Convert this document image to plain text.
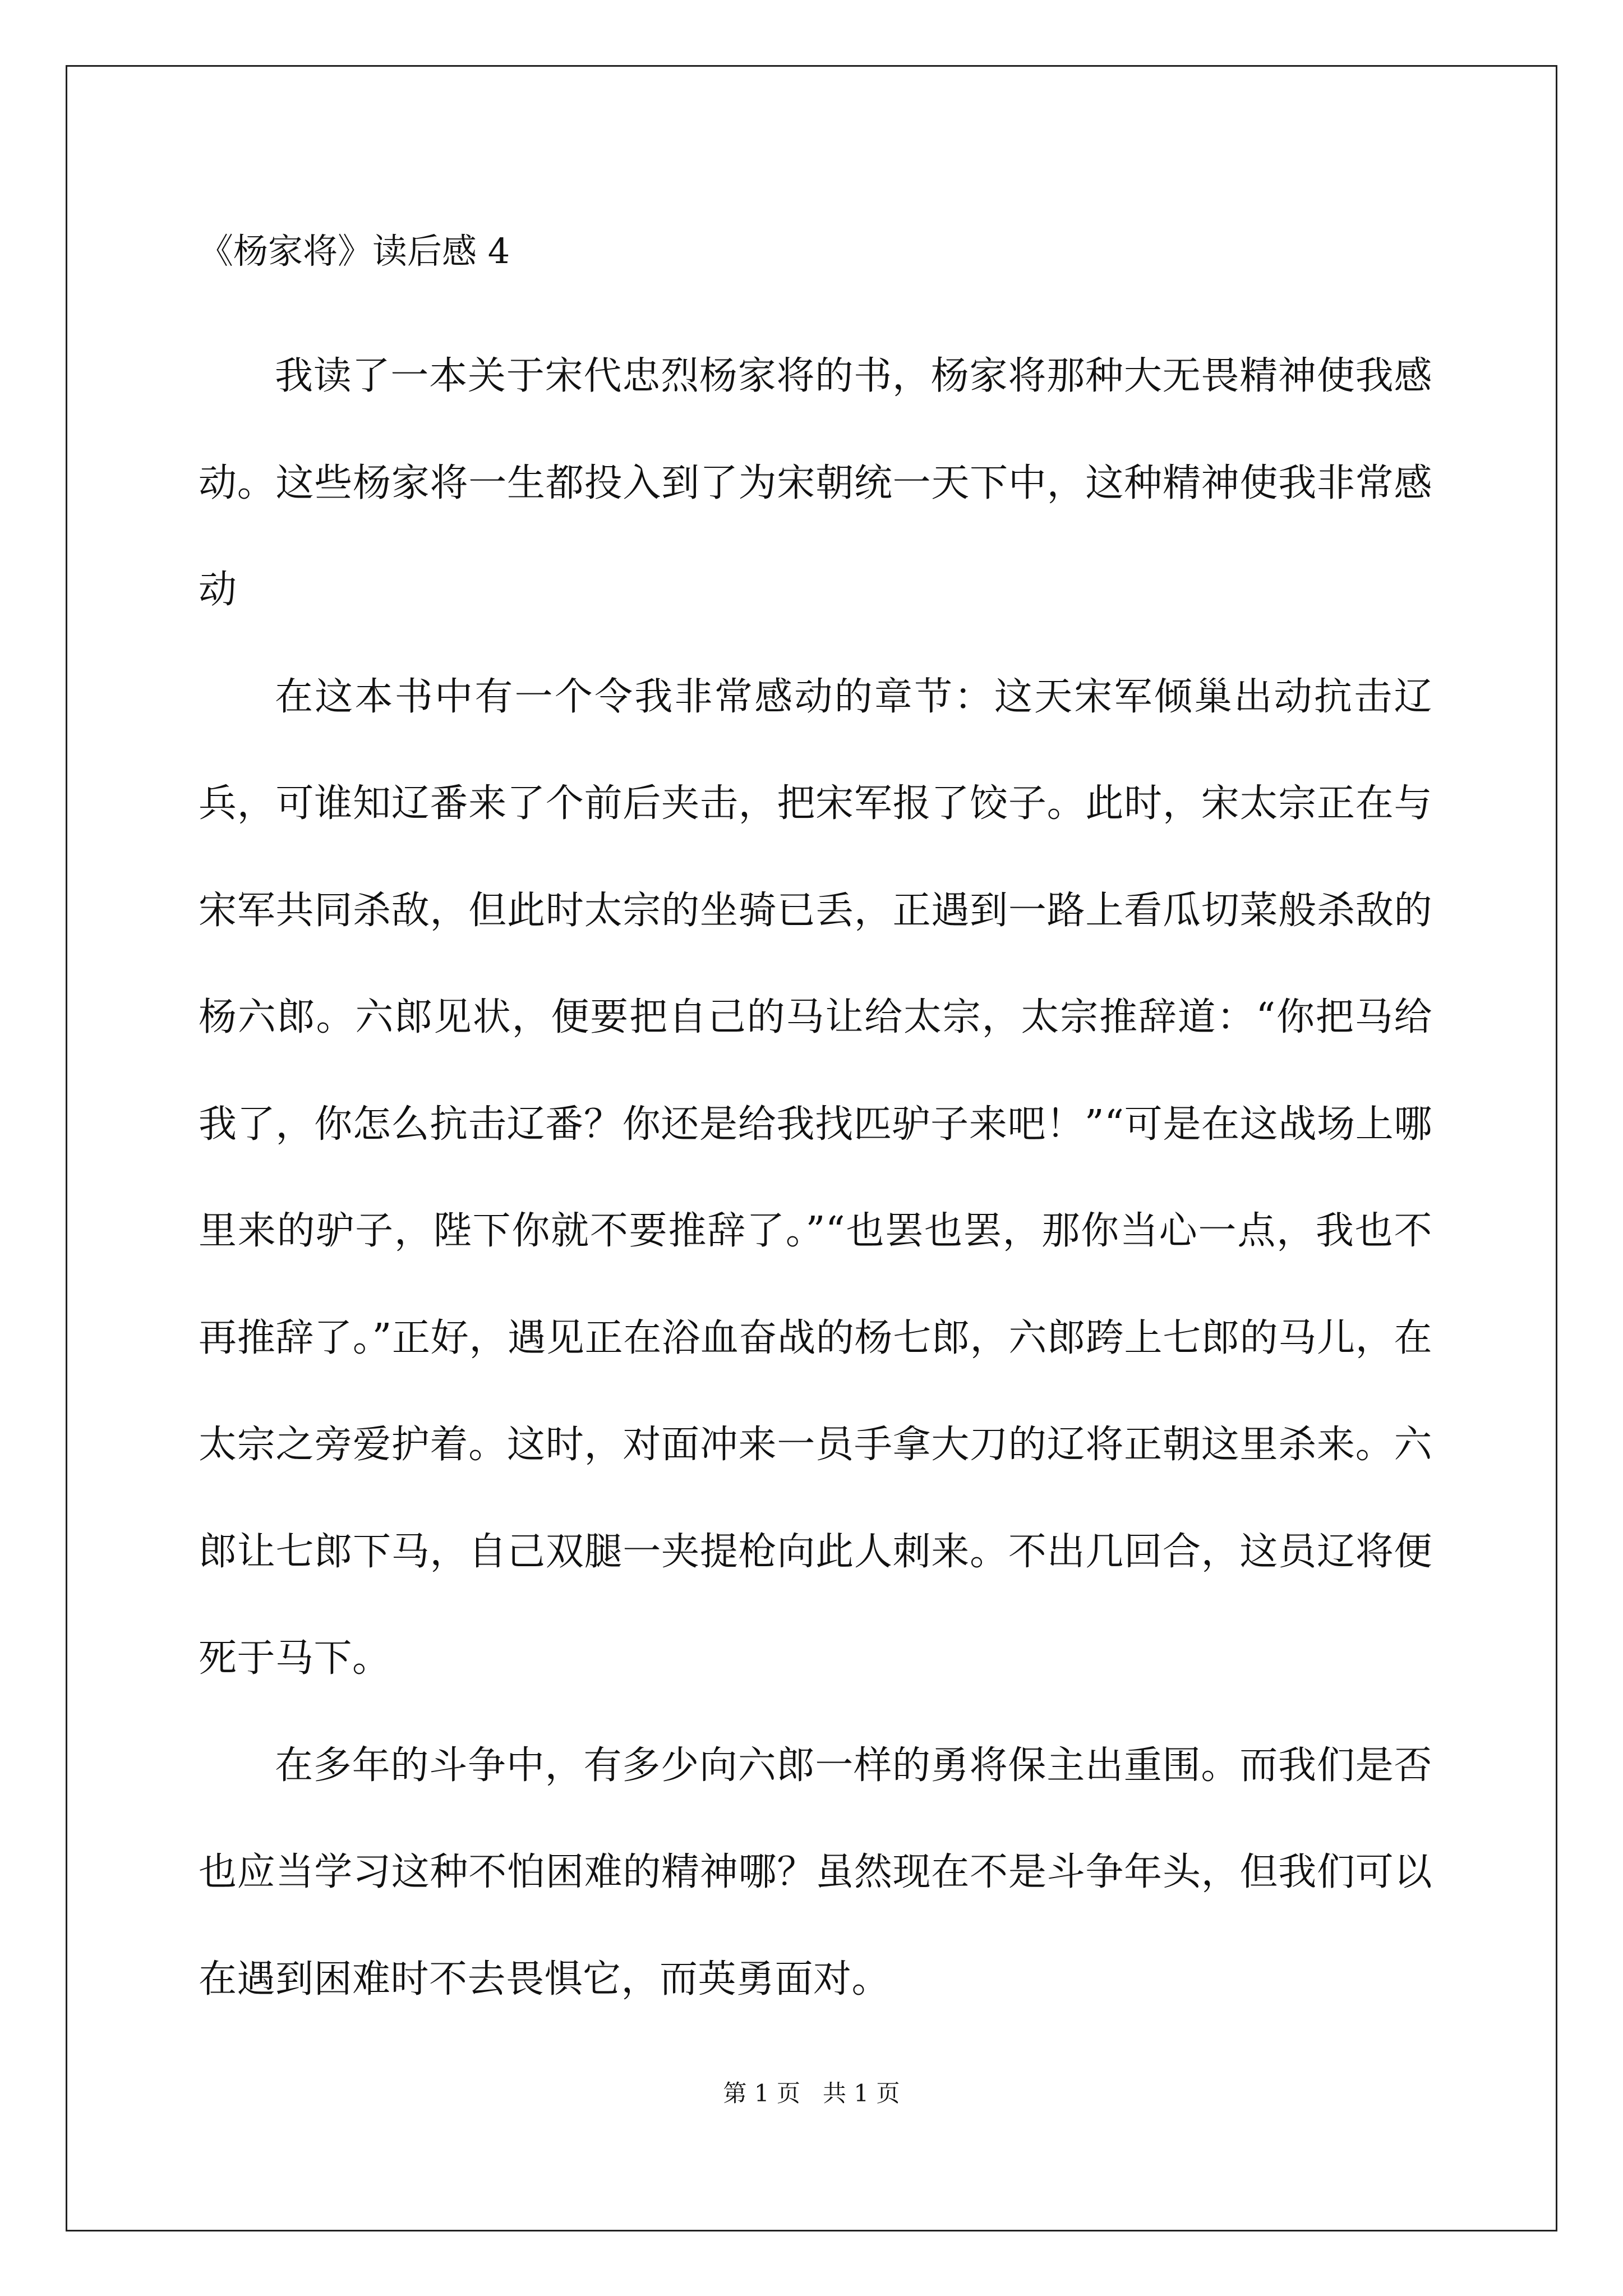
《杨家将》读后感 4

我读了一本关于宋代忠烈杨家将的书，杨家将那种大无畏精神使我感动。这些杨家将一生都投入到了为宋朝统一天下中，这种精神使我非常感动

在这本书中有一个令我非常感动的章节：这天宋军倾巢出动抗击辽兵，可谁知辽番来了个前后夹击，把宋军报了饺子。此时，宋太宗正在与宋军共同杀敌，但此时太宗的坐骑已丢，正遇到一路上看瓜切菜般杀敌的杨六郎。六郎见状，便要把自己的马让给太宗，太宗推辞道：“你把马给我了，你怎么抗击辽番？你还是给我找匹驴子来吧！”“可是在这战场上哪里来的驴子，陛下你就不要推辞了。”“也罢也罢，那你当心一点，我也不再推辞了。”正好，遇见正在浴血奋战的杨七郎，六郎跨上七郎的马儿，在太宗之旁爱护着。这时，对面冲来一员手拿大刀的辽将正朝这里杀来。六郎让七郎下马，自己双腿一夹提枪向此人刺来。不出几回合，这员辽将便死于马下。

在多年的斗争中，有多少向六郎一样的勇将保主出重围。而我们是否也应当学习这种不怕困难的精神哪？虽然现在不是斗争年头，但我们可以在遇到困难时不去畏惧它，而英勇面对。

第 1 页   共 1 页
